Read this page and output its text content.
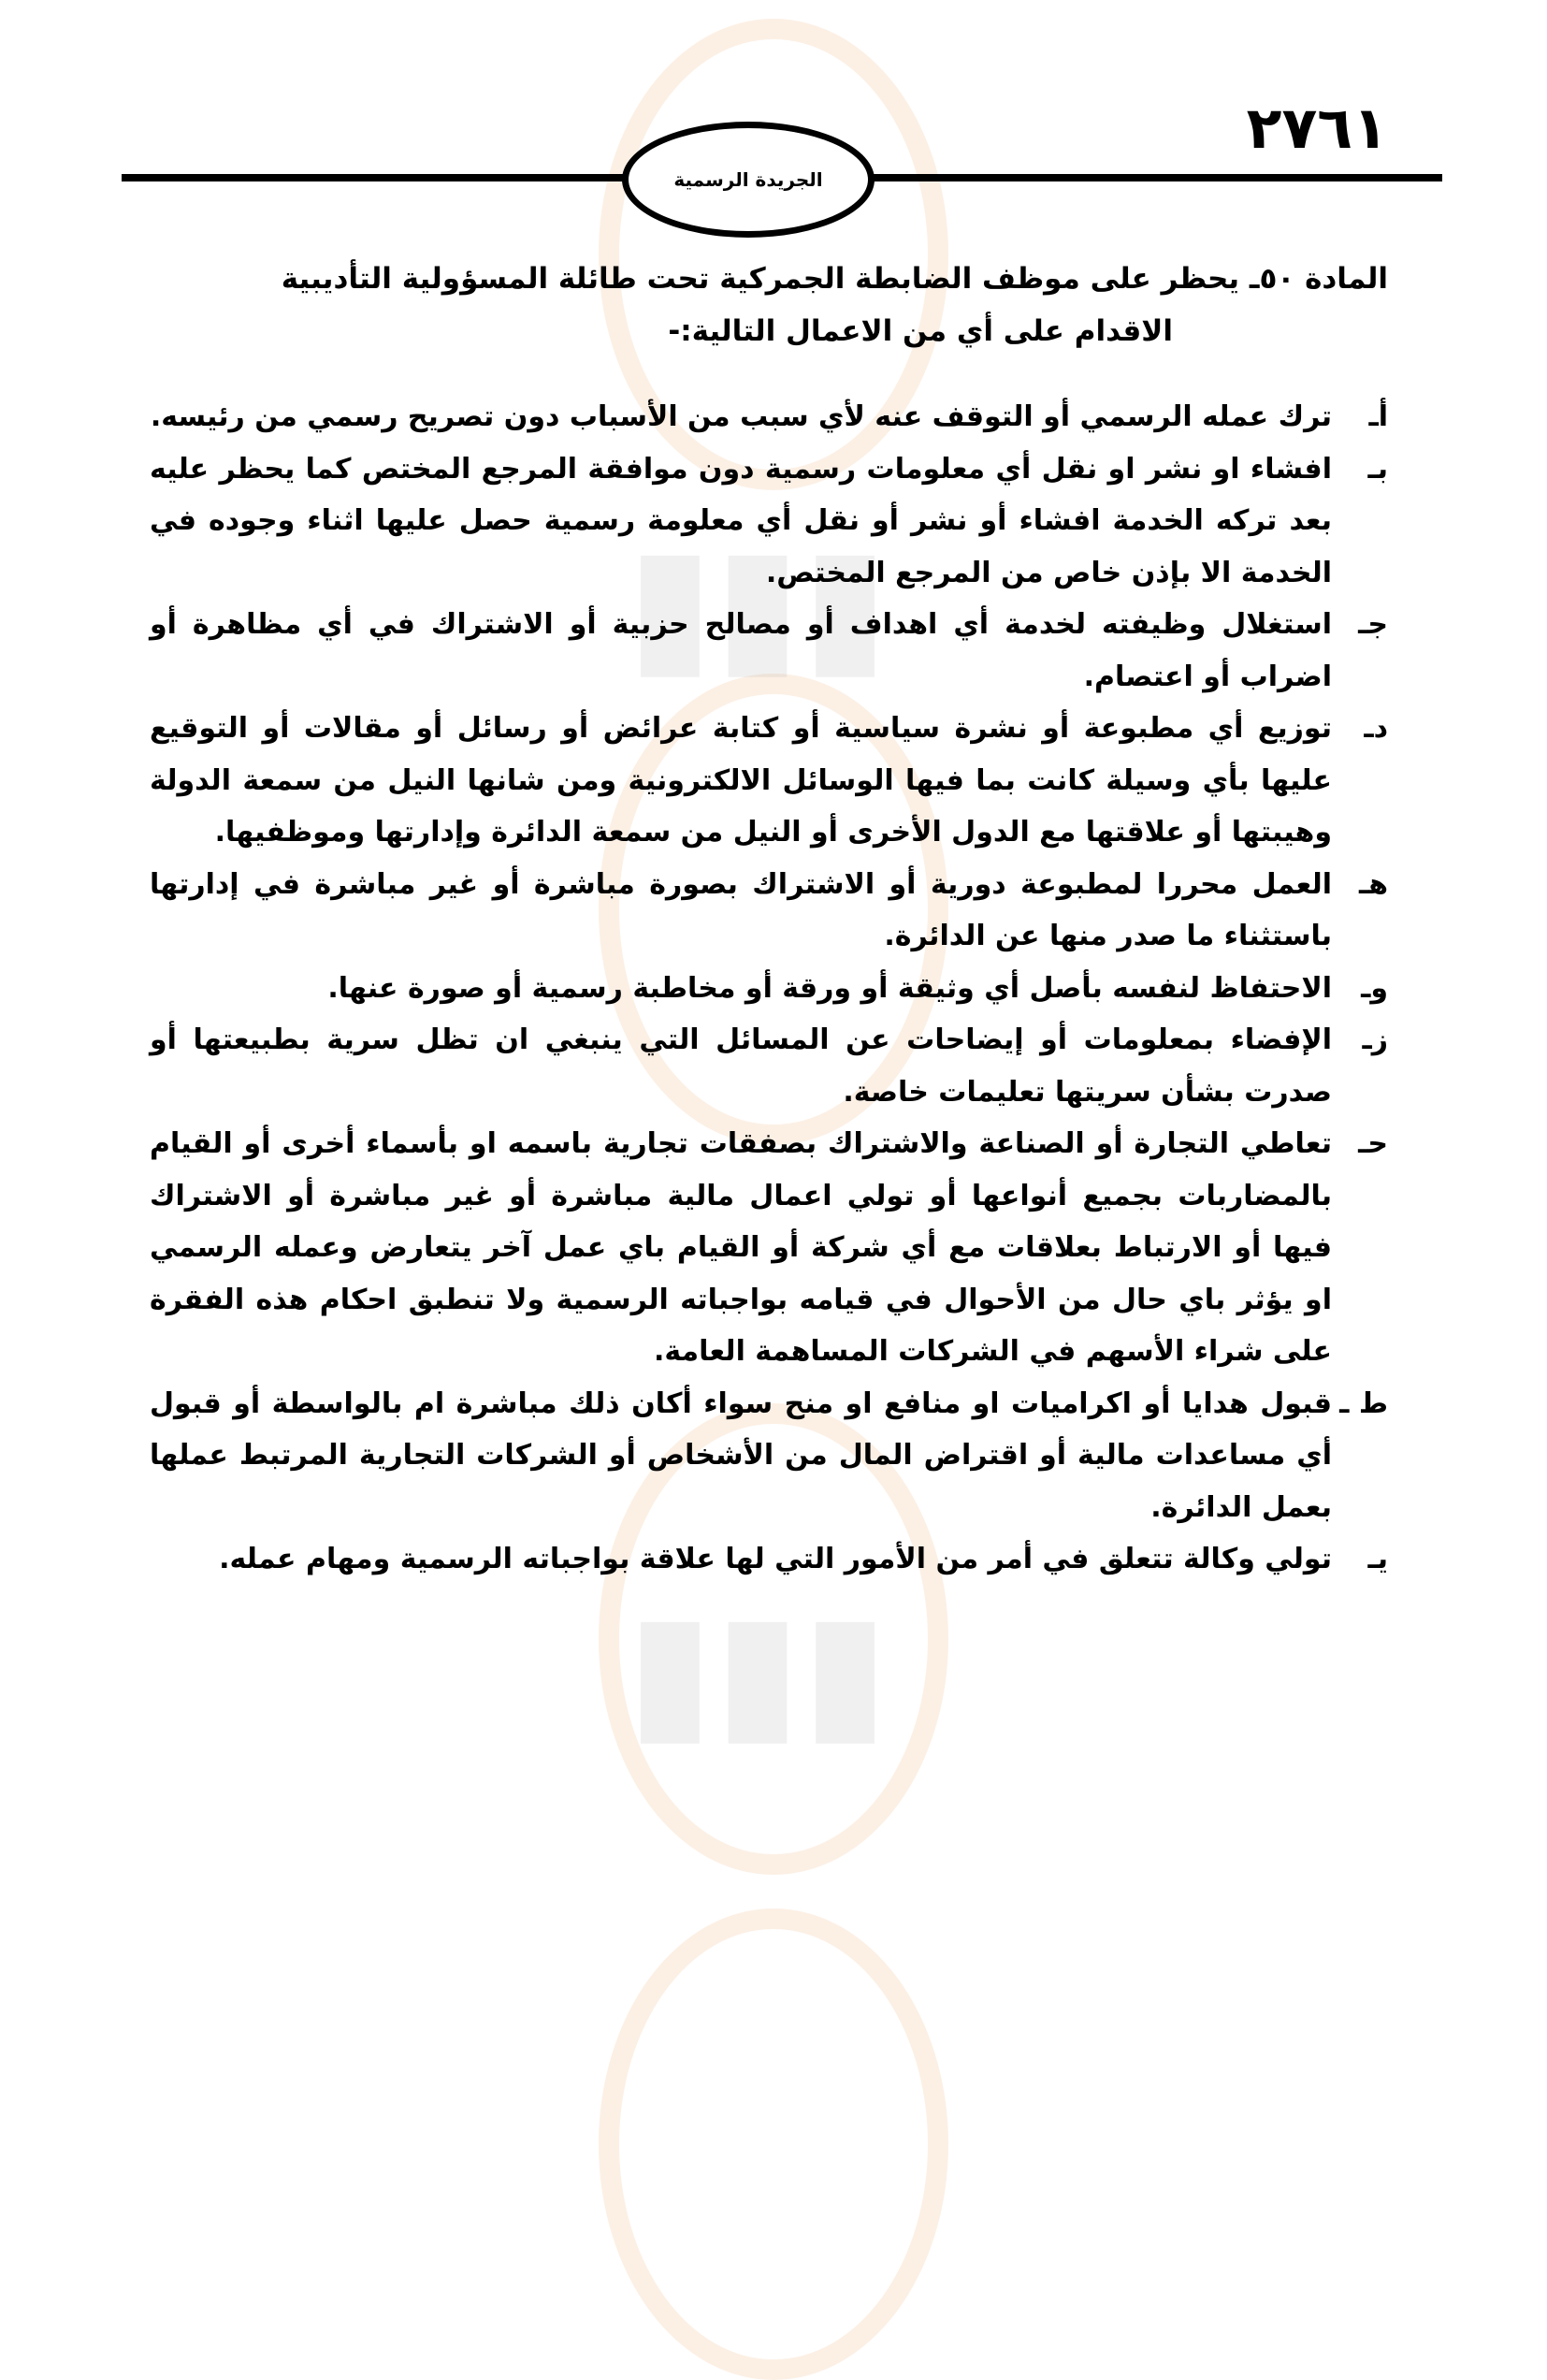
▮▮▮
▮▮▮
٢٧٦١
الجريدة الرسمية
المادة ٥٠ـ يحظر على موظف الضابطة الجمركية تحت طائلة المسؤولية التأديبية
الاقدام على أي من الاعمال التالية:-
أـ
ترك عمله الرسمي أو التوقف عنه لأي سبب من الأسباب دون تصريح رسمي من رئيسه.
بـ
افشاء او نشر او نقل أي معلومات رسمية دون موافقة المرجع المختص كما يحظر عليه بعد تركه الخدمة افشاء أو نشر أو نقل أي معلومة رسمية حصل عليها اثناء وجوده في الخدمة الا بإذن خاص من المرجع المختص.
جـ
استغلال وظيفته لخدمة أي اهداف أو مصالح حزبية أو الاشتراك في أي مظاهرة أو اضراب أو اعتصام.
دـ
توزيع أي مطبوعة أو نشرة سياسية أو كتابة عرائض أو رسائل أو مقالات أو التوقيع عليها بأي وسيلة كانت بما فيها الوسائل الالكترونية ومن شانها النيل من سمعة الدولة وهيبتها أو علاقتها مع الدول الأخرى أو النيل من سمعة الدائرة وإدارتها وموظفيها.
هـ
العمل محررا لمطبوعة دورية أو الاشتراك بصورة مباشرة أو غير مباشرة في إدارتها باستثناء ما صدر منها عن الدائرة.
وـ
الاحتفاظ لنفسه بأصل أي وثيقة أو ورقة أو مخاطبة رسمية أو صورة عنها.
زـ
الإفضاء بمعلومات أو إيضاحات عن المسائل التي ينبغي ان تظل سرية بطبيعتها أو صدرت بشأن سريتها تعليمات خاصة.
حـ
تعاطي التجارة أو الصناعة والاشتراك بصفقات تجارية باسمه او بأسماء أخرى أو القيام بالمضاربات بجميع أنواعها أو تولي اعمال مالية مباشرة أو غير مباشرة أو الاشتراك فيها أو الارتباط بعلاقات مع أي شركة أو القيام باي عمل آخر يتعارض وعمله الرسمي او يؤثر باي حال من الأحوال في قيامه بواجباته الرسمية ولا تنطبق احكام هذه الفقرة على شراء الأسهم في الشركات المساهمة العامة.
ط ـ
قبول هدايا أو اكراميات او منافع او منح سواء أكان ذلك مباشرة ام بالواسطة أو قبول أي مساعدات مالية أو اقتراض المال من الأشخاص أو الشركات التجارية المرتبط عملها بعمل الدائرة.
يـ
تولي وكالة تتعلق في أمر من الأمور التي لها علاقة بواجباته الرسمية ومهام عمله.
